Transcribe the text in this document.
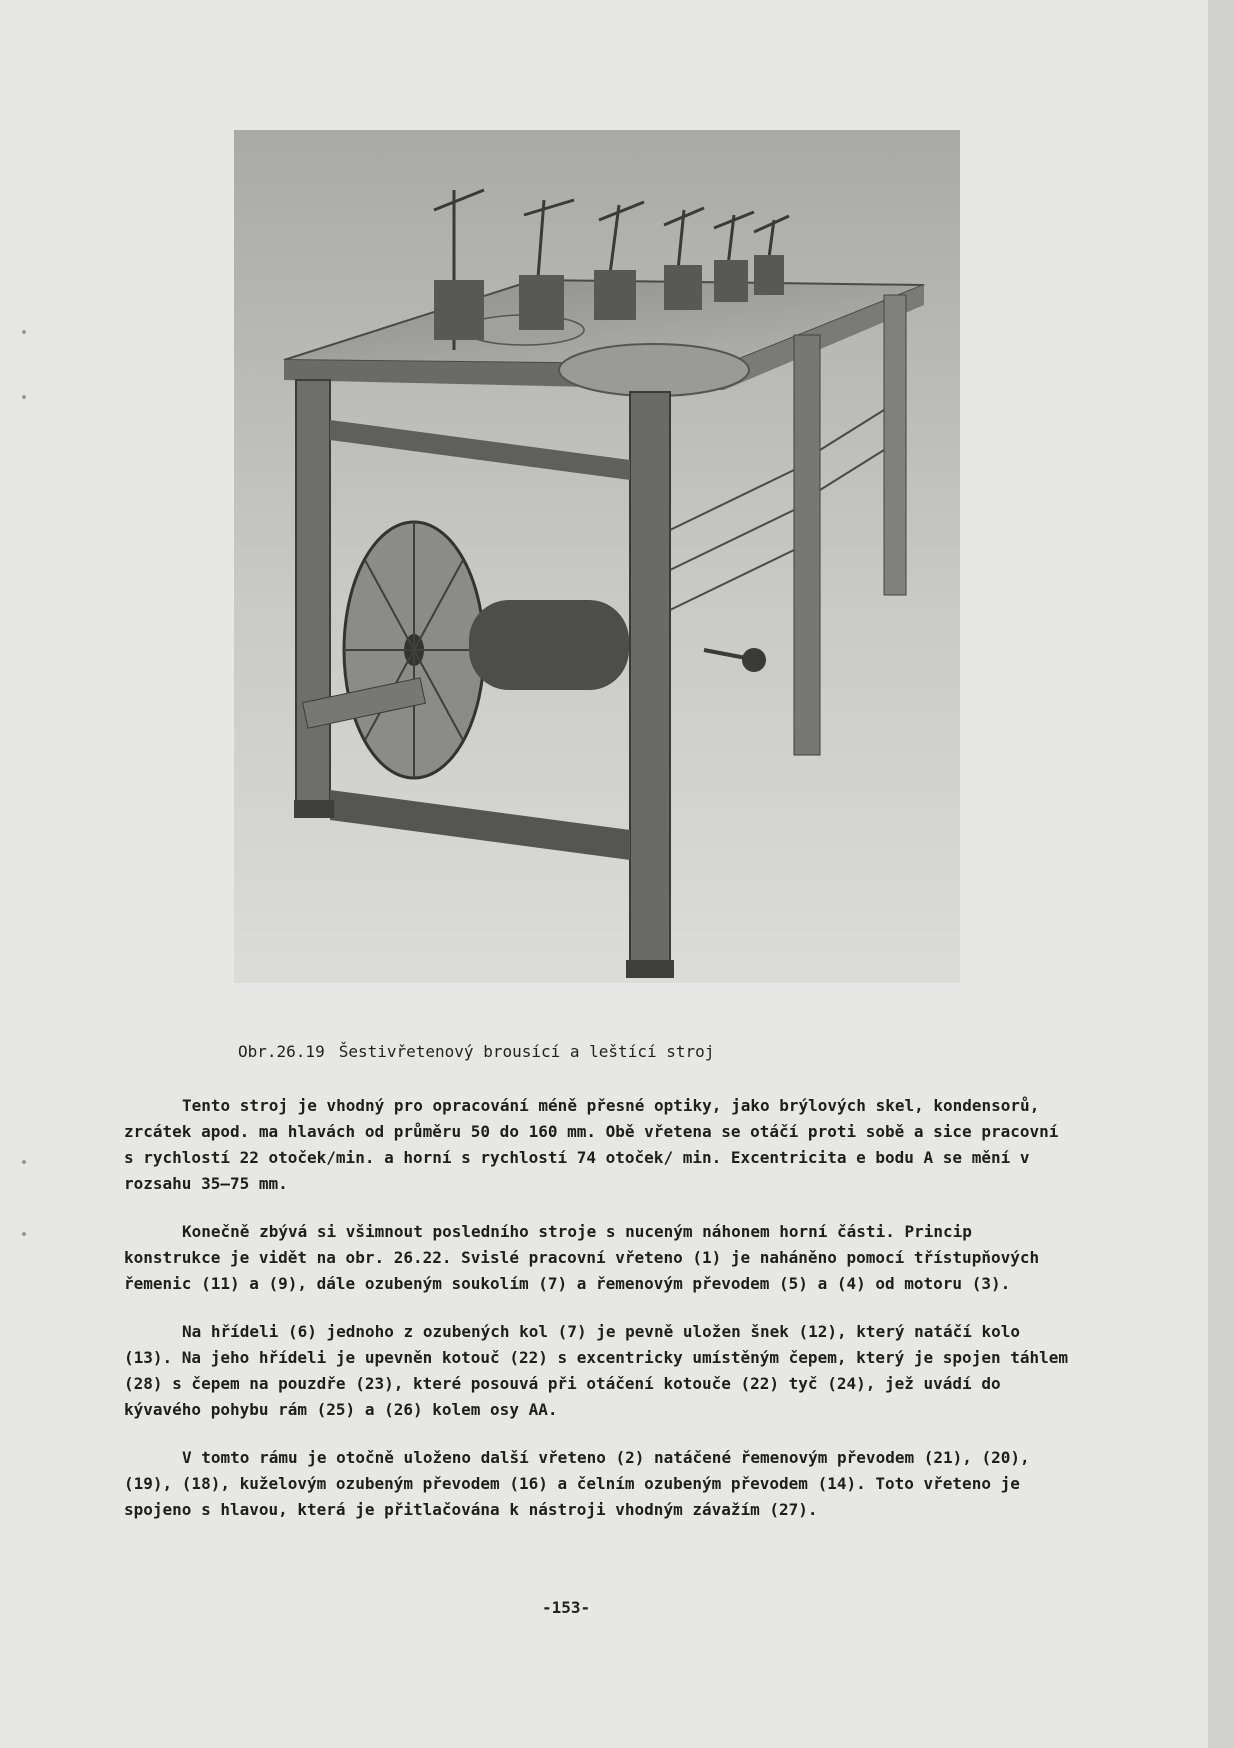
Obr.26.19 Šestivřetenový brousící a leštící stroj

Tento stroj je vhodný pro opracování méně přesné optiky, jako brýlových skel, kondensorů, zrcátek apod. ma hlavách od průměru 50 do 160 mm. Obě vřetena se otáčí proti sobě a sice pracovní s rychlostí 22 otoček/min. a horní s rychlostí 74 otoček/ min. Excentricita e bodu A se mění v rozsahu 35–75 mm.

Konečně zbývá si všimnout posledního stroje s nuceným náhonem horní části. Princip konstrukce je vidět na obr. 26.22. Svislé pracovní vřeteno (1) je naháněno pomocí třístupňových řemenic (11) a (9), dále ozubeným soukolím (7) a řemenovým převodem (5) a (4) od motoru (3).

Na hřídeli (6) jednoho z ozubených kol (7) je pevně uložen šnek (12), který natáčí kolo (13). Na jeho hřídeli je upevněn kotouč (22) s excentricky umístěným čepem, který je spojen táhlem (28) s čepem na pouzdře (23), které posouvá při otáčení kotouče (22) tyč (24), jež uvádí do kývavého pohybu rám (25) a (26) kolem osy AA.

V tomto rámu je otočně uloženo další vřeteno (2) natáčené řemenovým převodem (21), (20), (19), (18), kuželovým ozubeným převodem (16) a čelním ozubeným převodem (14). Toto vřeteno je spojeno s hlavou, která je přitlačována k nástroji vhodným závažím (27).

-153-
